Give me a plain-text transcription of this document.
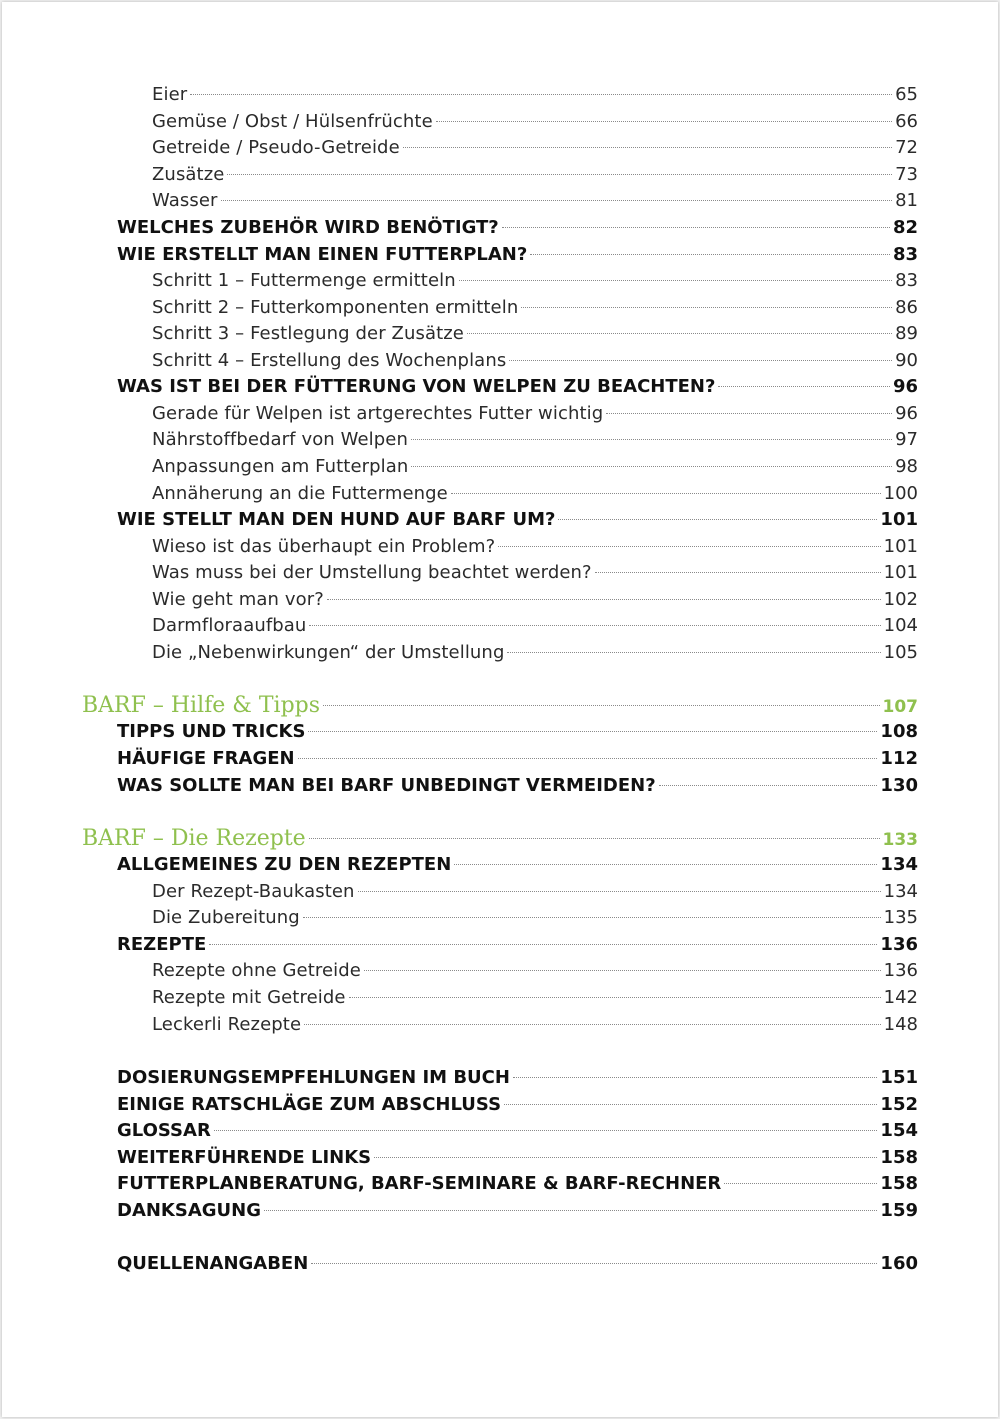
Eier	65
Gemüse / Obst / Hülsenfrüchte	66
Getreide / Pseudo-Getreide	72
Zusätze	73
Wasser	81
WELCHES ZUBEHÖR WIRD BENÖTIGT?	82
WIE ERSTELLT MAN EINEN FUTTERPLAN?	83
Schritt 1 – Futtermenge ermitteln	83
Schritt 2 – Futterkomponenten ermitteln	86
Schritt 3 – Festlegung der Zusätze	89
Schritt 4 – Erstellung des Wochenplans	90
WAS IST BEI DER FÜTTERUNG VON WELPEN ZU BEACHTEN?	96
Gerade für Welpen ist artgerechtes Futter wichtig	96
Nährstoffbedarf von Welpen	97
Anpassungen am Futterplan	98
Annäherung an die Futtermenge	100
WIE STELLT MAN DEN HUND AUF BARF UM?	101
Wieso ist das überhaupt ein Problem?	101
Was muss bei der Umstellung beachtet werden?	101
Wie geht man vor?	102
Darmfloraaufbau	104
Die „Nebenwirkungen“ der Umstellung	105
BARF – Hilfe & Tipps	107
TIPPS UND TRICKS	108
HÄUFIGE FRAGEN	112
WAS SOLLTE MAN BEI BARF UNBEDINGT VERMEIDEN?	130
BARF – Die Rezepte	133
ALLGEMEINES ZU DEN REZEPTEN	134
Der Rezept-Baukasten	134
Die Zubereitung	135
REZEPTE	136
Rezepte ohne Getreide	136
Rezepte mit Getreide	142
Leckerli Rezepte	148
DOSIERUNGSEMPFEHLUNGEN IM BUCH	151
EINIGE RATSCHLÄGE ZUM ABSCHLUSS	152
GLOSSAR	154
WEITERFÜHRENDE LINKS	158
FUTTERPLANBERATUNG, BARF-SEMINARE & BARF-RECHNER	158
DANKSAGUNG	159
QUELLENANGABEN	160
